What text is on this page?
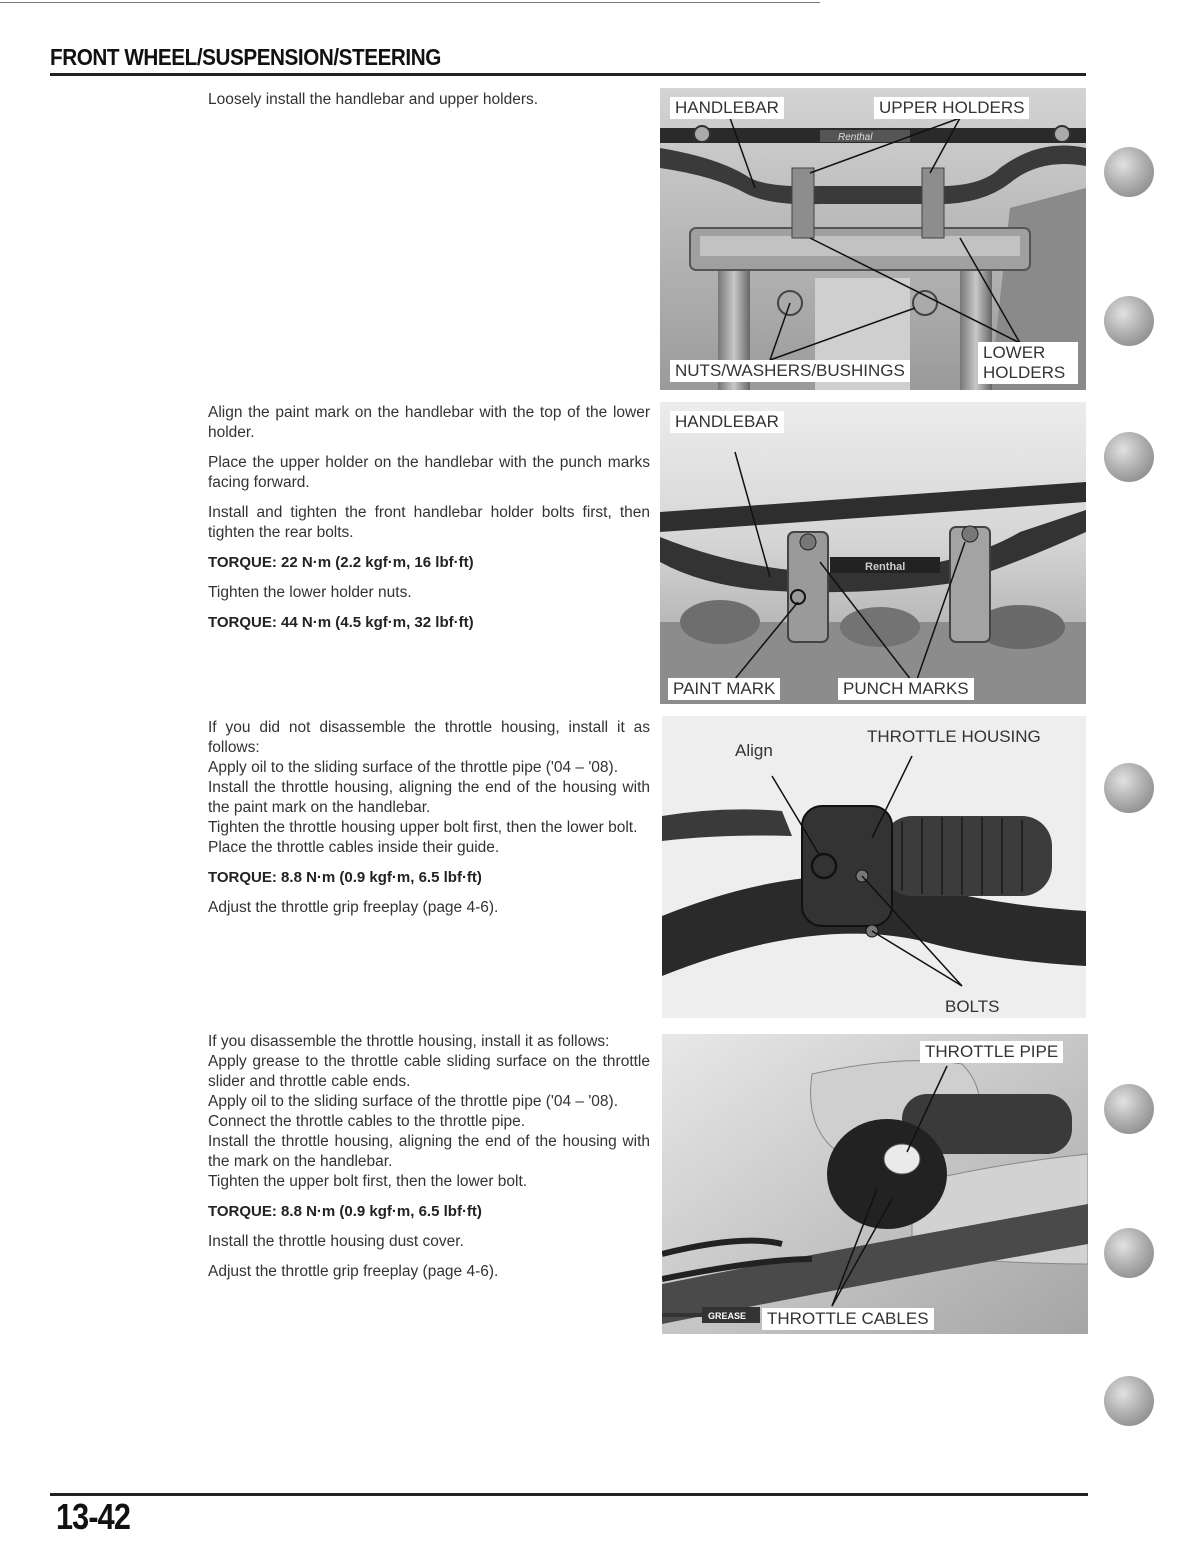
FRONT WHEEL/SUSPENSION/STEERING

Loosely install the handlebar and upper holders.

Renthal
HANDLEBAR	UPPER HOLDERS
NUTS/WASHERS/BUSHINGS
LOWER HOLDERS

Align the paint mark on the handlebar with the top of the lower holder.

Place the upper holder on the handlebar with the punch marks facing forward.

Install and tighten the front handlebar holder bolts first, then tighten the rear bolts.

TORQUE: 22 N·m (2.2 kgf·m, 16 lbf·ft)

Tighten the lower holder nuts.

TORQUE: 44 N·m (4.5 kgf·m, 32 lbf·ft)

Renthal
HANDLEBAR
PAINT MARK	PUNCH MARKS

If you did not disassemble the throttle housing, install it as follows:

Apply oil to the sliding surface of the throttle pipe ('04 – '08).

Install the throttle housing, aligning the end of the housing with the paint mark on the handlebar.

Tighten the throttle housing upper bolt first, then the lower bolt.

Place the throttle cables inside their guide.

TORQUE: 8.8 N·m (0.9 kgf·m, 6.5 lbf·ft)

Adjust the throttle grip freeplay (page 4-6).

Align
THROTTLE HOUSING
BOLTS

If you disassemble the throttle housing, install it as follows:

Apply grease to the throttle cable sliding surface on the throttle slider and throttle cable ends.

Apply oil to the sliding surface of the throttle pipe ('04 – '08).

Connect the throttle cables to the throttle pipe.

Install the throttle housing, aligning the end of the housing with the mark on the handlebar.

Tighten the upper bolt first, then the lower bolt.

TORQUE: 8.8 N·m (0.9 kgf·m, 6.5 lbf·ft)

Install the throttle housing dust cover.

Adjust the throttle grip freeplay (page 4-6).

GREASE
THROTTLE PIPE
THROTTLE CABLES
13-42
